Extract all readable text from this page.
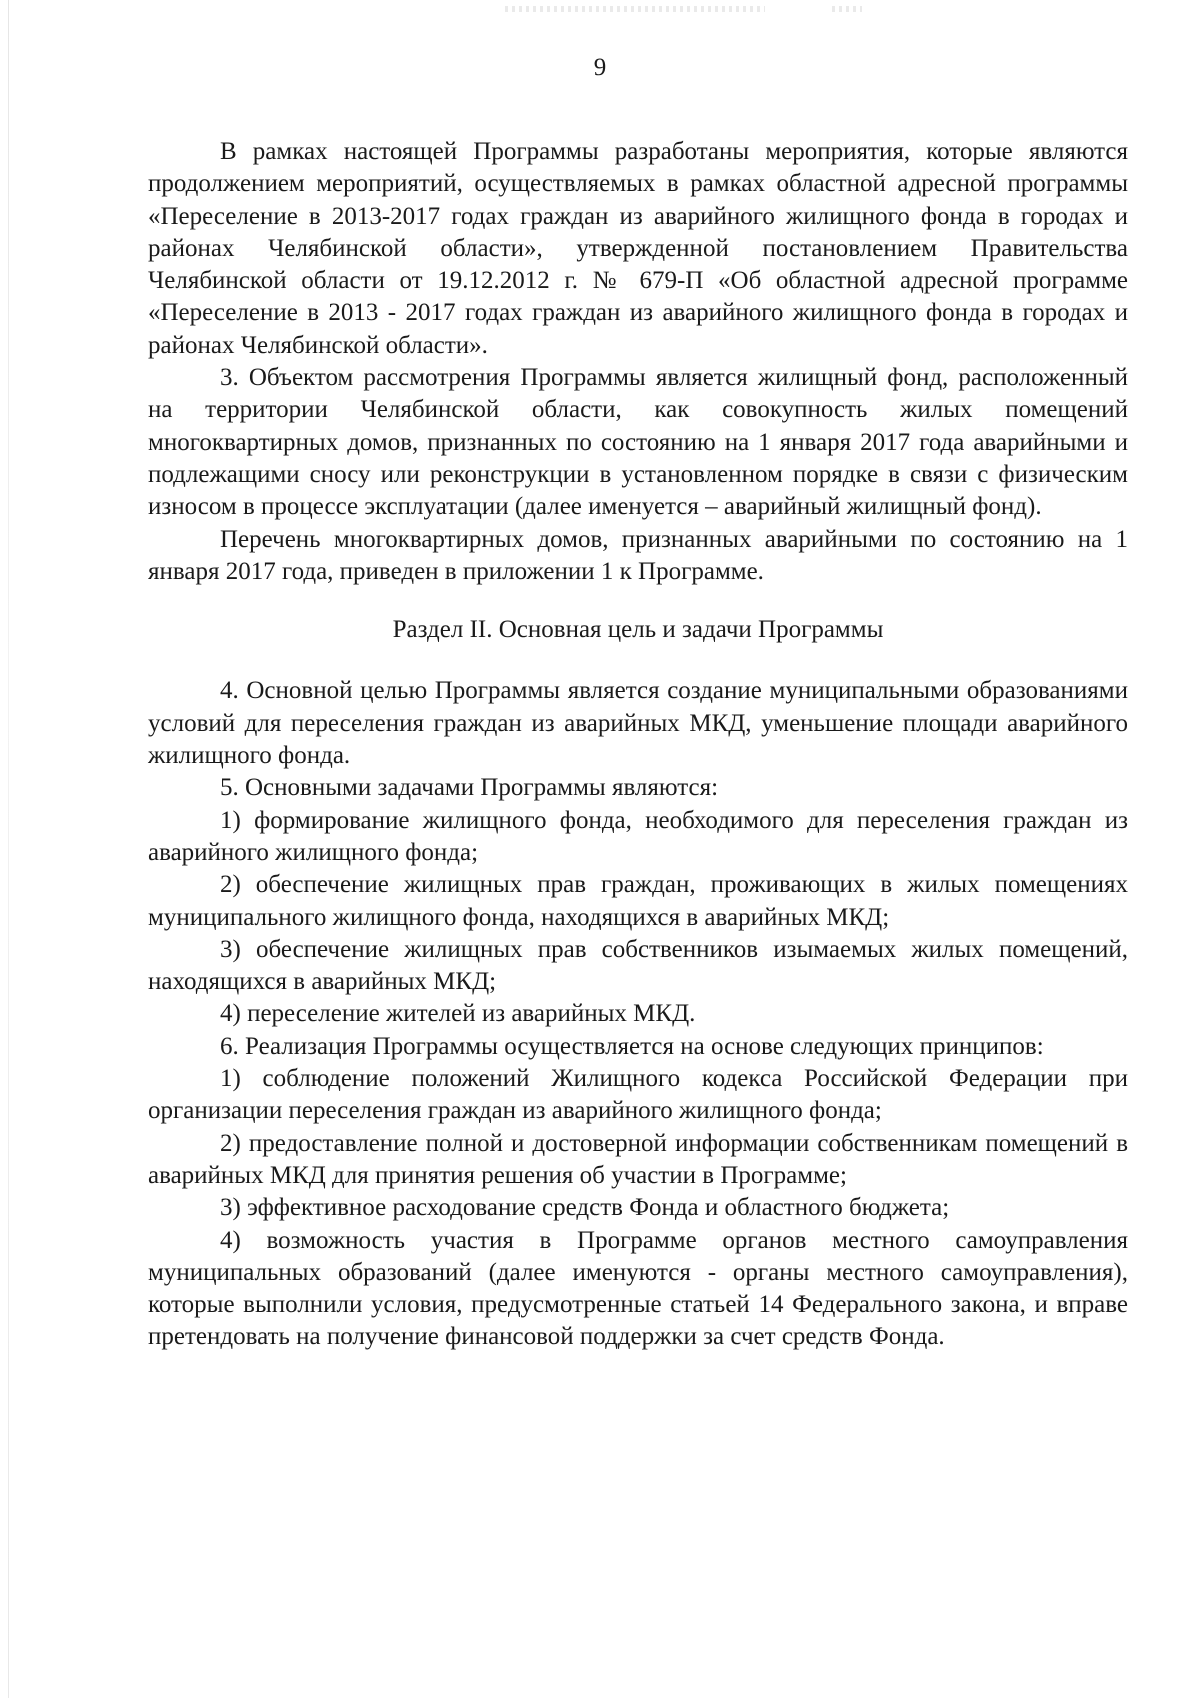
9

В рамках настоящей Программы разработаны мероприятия, которые являются продолжением мероприятий, осуществляемых в рамках областной адресной программы «Переселение в 2013-2017 годах граждан из аварийного жилищного фонда в городах и районах Челябинской области», утвержденной постановлением Правительства Челябинской области от 19.12.2012 г. № 679-П «Об областной адресной программе «Переселение в 2013 - 2017 годах граждан из аварийного жилищного фонда в городах и районах Челябинской области».

3. Объектом рассмотрения Программы является жилищный фонд, расположенный на территории Челябинской области, как совокупность жилых помещений многоквартирных домов, признанных по состоянию на 1 января 2017 года аварийными и подлежащими сносу или реконструкции в установленном порядке в связи с физическим износом в процессе эксплуатации (далее именуется – аварийный жилищный фонд).

Перечень многоквартирных домов, признанных аварийными по состоянию на 1 января 2017 года, приведен в приложении 1 к Программе.

Раздел II. Основная цель и задачи Программы

4. Основной целью Программы является создание муниципальными образованиями условий для переселения граждан из аварийных МКД, уменьшение площади аварийного жилищного фонда.

5. Основными задачами Программы являются:

1) формирование жилищного фонда, необходимого для переселения граждан из аварийного жилищного фонда;

2) обеспечение жилищных прав граждан, проживающих в жилых помещениях муниципального жилищного фонда, находящихся в аварийных МКД;

3) обеспечение жилищных прав собственников изымаемых жилых помещений, находящихся в аварийных МКД;

4) переселение жителей из аварийных МКД.

6. Реализация Программы осуществляется на основе следующих принципов:

1) соблюдение положений Жилищного кодекса Российской Федерации при организации переселения граждан из аварийного жилищного фонда;

2) предоставление полной и достоверной информации собственникам помещений в аварийных МКД для принятия решения об участии в Программе;

3) эффективное расходование средств Фонда и областного бюджета;

4) возможность участия в Программе органов местного самоуправления муниципальных образований (далее именуются - органы местного самоуправления), которые выполнили условия, предусмотренные статьей 14 Федерального закона, и вправе претендовать на получение финансовой поддержки за счет средств Фонда.
